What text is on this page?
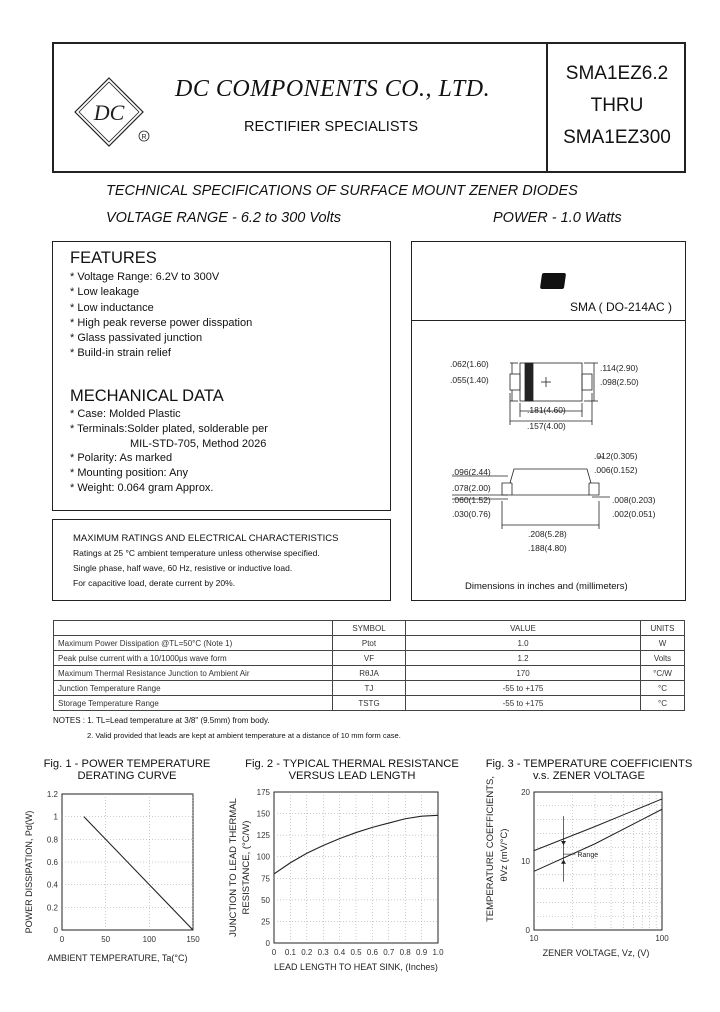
DC
R
DC COMPONENTS CO., LTD.
RECTIFIER SPECIALISTS
SMA1EZ6.2
THRU
SMA1EZ300
TECHNICAL SPECIFICATIONS OF SURFACE MOUNT ZENER DIODES
VOLTAGE RANGE - 6.2 to 300 Volts	POWER - 1.0 Watts
FEATURES
* Voltage Range: 6.2V to 300V
* Low leakage
* Low inductance
* High peak reverse power disspation
* Glass passivated junction
* Build-in strain relief
MECHANICAL DATA
* Case: Molded Plastic
* Terminals:Solder plated, solderable per
MIL-STD-705, Method 2026
* Polarity: As marked
* Mounting position: Any
* Weight: 0.064 gram Approx.
MAXIMUM RATINGS AND ELECTRICAL CHARACTERISTICS
Ratings at 25 °C ambient temperature unless otherwise specified.
Single phase, half wave, 60 Hz, resistive or inductive load.
For capacitive load, derate current by 20%.
SMA ( DO-214AC )
.062(1.60)
.055(1.40)
.114(2.90)
.098(2.50)
.181(4.60)
.157(4.00)
.012(0.305)
.006(0.152)
.096(2.44)
.078(2.00)
.060(1.52)
.030(0.76)
.008(0.203)
.002(0.051)
.208(5.28)
.188(4.80)
Dimensions in inches and (millimeters)
	SYMBOL	VALUE	UNITS
Maximum Power Dissipation @TL=50°C (Note 1)	Ptot	1.0	W
Peak pulse current with a 10/1000μs wave form	VF	1.2	Volts
Maximum Thermal Resistance Junction to Ambient Air	RθJA	170	°C/W
Junction Temperature Range	TJ	-55 to +175	°C
Storage Temperature Range	TSTG	-55 to +175	°C
NOTES : 1. TL=Lead temperature at 3/8" (9.5mm) from body.
2. Valid provided that leads are kept at ambient temperature at a distance of 10 mm form case.
Fig. 1 - POWER TEMPERATURE
DERATING CURVE
Fig. 2 - TYPICAL THERMAL RESISTANCE
VERSUS LEAD LENGTH
Fig. 3 - TEMPERATURE COEFFICIENTS
v.s. ZENER VOLTAGE
1.2
1
0.8
0.6
0.4
0.2
0
0	50	100	150
AMBIENT TEMPERATURE, Ta(°C)
POWER DISSIPATION, Pd(W)
175
150
125
100
75
50
25
0
0 0.1 0.2 0.3 0.4 0.5 0.6 0.7 0.8 0.9 1.0
LEAD LENGTH TO HEAT SINK, (Inches)
JUNCTION TO LEAD THERMAL RESISTANCE, (°C/W)
20
10
0
10	100
Range
ZENER VOLTAGE, Vz, (V)
TEMPERATURE COEFFICIENTS, θVz (mV/°C)
